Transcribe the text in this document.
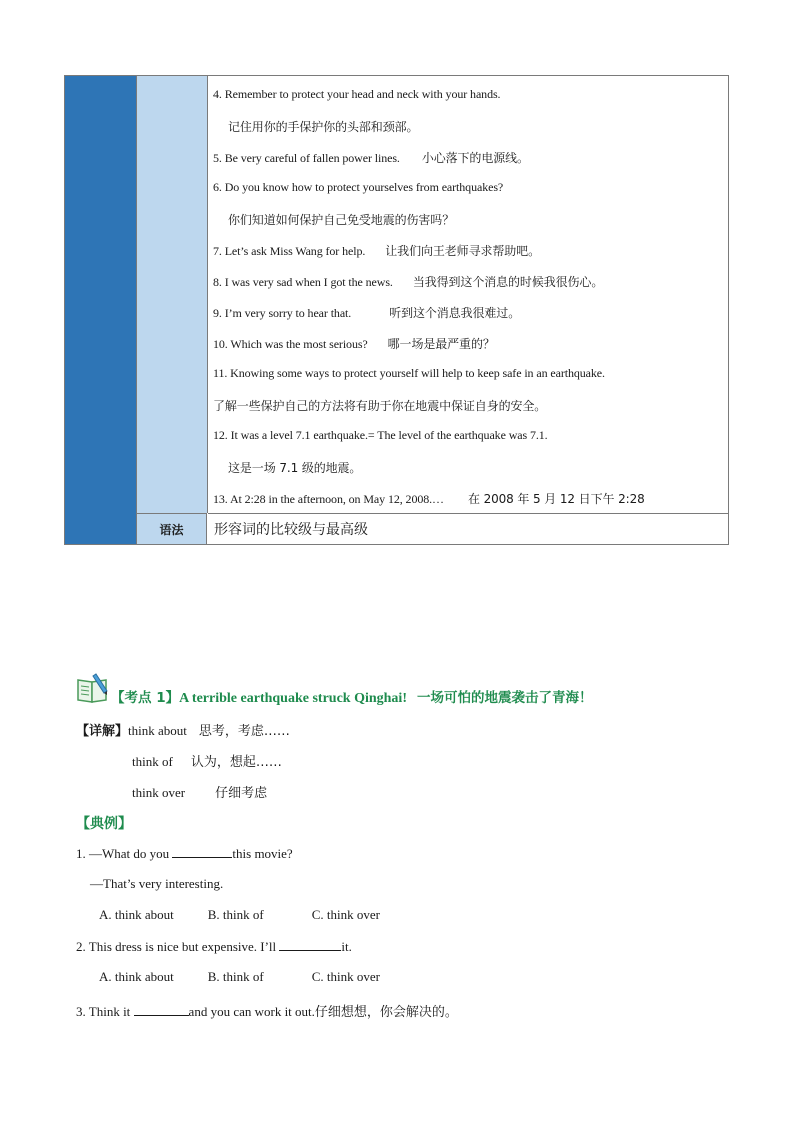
4. Remember to protect your head and neck with your hands.
记住用你的手保护你的头部和颈部。
5. Be very careful of fallen power lines. 小心落下的电源线。
6. Do you know how to protect yourselves from earthquakes?
你们知道如何保护自己免受地震的伤害吗？
7. Let’s ask Miss Wang for help. 让我们向王老师寻求帮助吧。
8. I was very sad when I got the news. 当我得到这个消息的时候我很伤心。
9. I’m very sorry to hear that.	听到这个消息我很难过。
10. Which was the most serious? 哪一场是最严重的？
11. Knowing some ways to protect yourself will help to keep safe in an earthquake.
了解一些保护自己的方法将有助于你在地震中保证自身的安全。
12. It was a level 7.1 earthquake.= The level of the earthquake was 7.1.
这是一场 7.1 级的地震。
13. At 2:28 in the afternoon, on May 12, 2008.… 在 2008 年 5 月 12 日下午 2:28
语法	形容词的比较级与最高级
【考点 1】A terrible earthquake struck Qinghai! 一场可怕的地震袭击了青海！
【详解】think about 思考，考虑……
think of 认为，想起……
think over 仔细考虑
【典例】
1. —What do you	this movie?
—That’s very interesting.
A. think about	B. think of	C. think over
2. This dress is nice but expensive. I’ll	it.
A. think about	B. think of	C. think over
3. Think it	and you can work it out.仔细想想，你会解决的。
